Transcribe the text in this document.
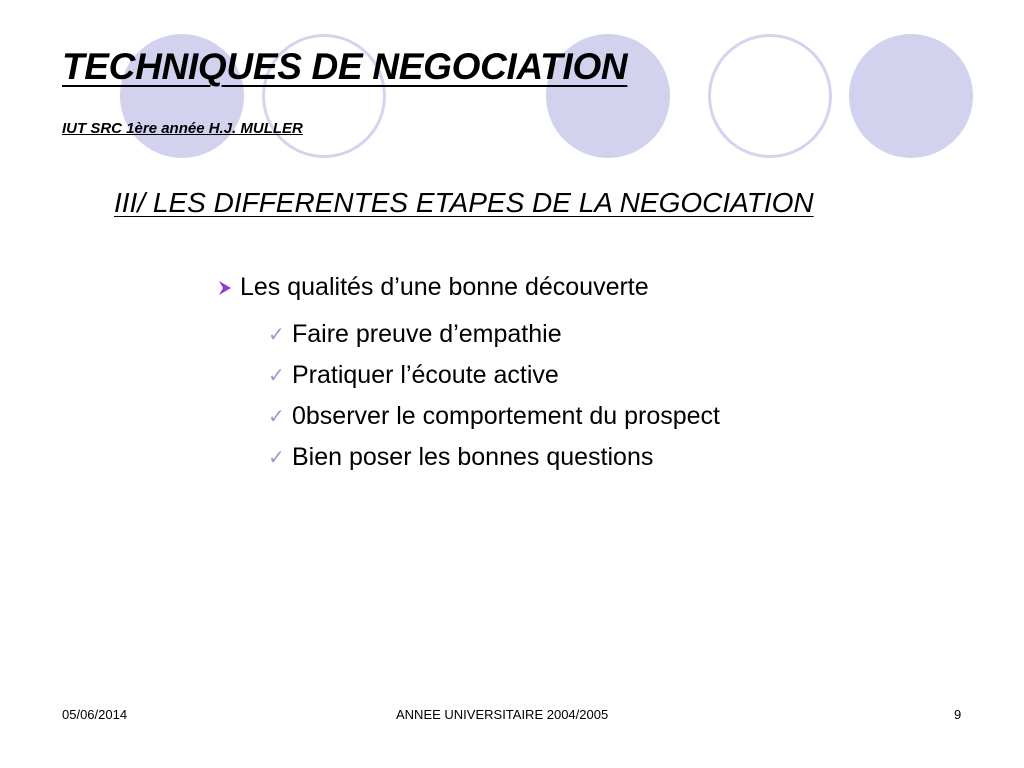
TECHNIQUES DE NEGOCIATION
IUT SRC 1ère année H.J. MULLER
III/ LES DIFFERENTES ETAPES DE LA NEGOCIATION
Les qualités d’une bonne découverte
✓ Faire preuve d’empathie
✓ Pratiquer l’écoute active
✓ 0bserver le comportement du prospect
✓ Bien poser les bonnes questions
05/06/2014	ANNEE UNIVERSITAIRE 2004/2005	9
